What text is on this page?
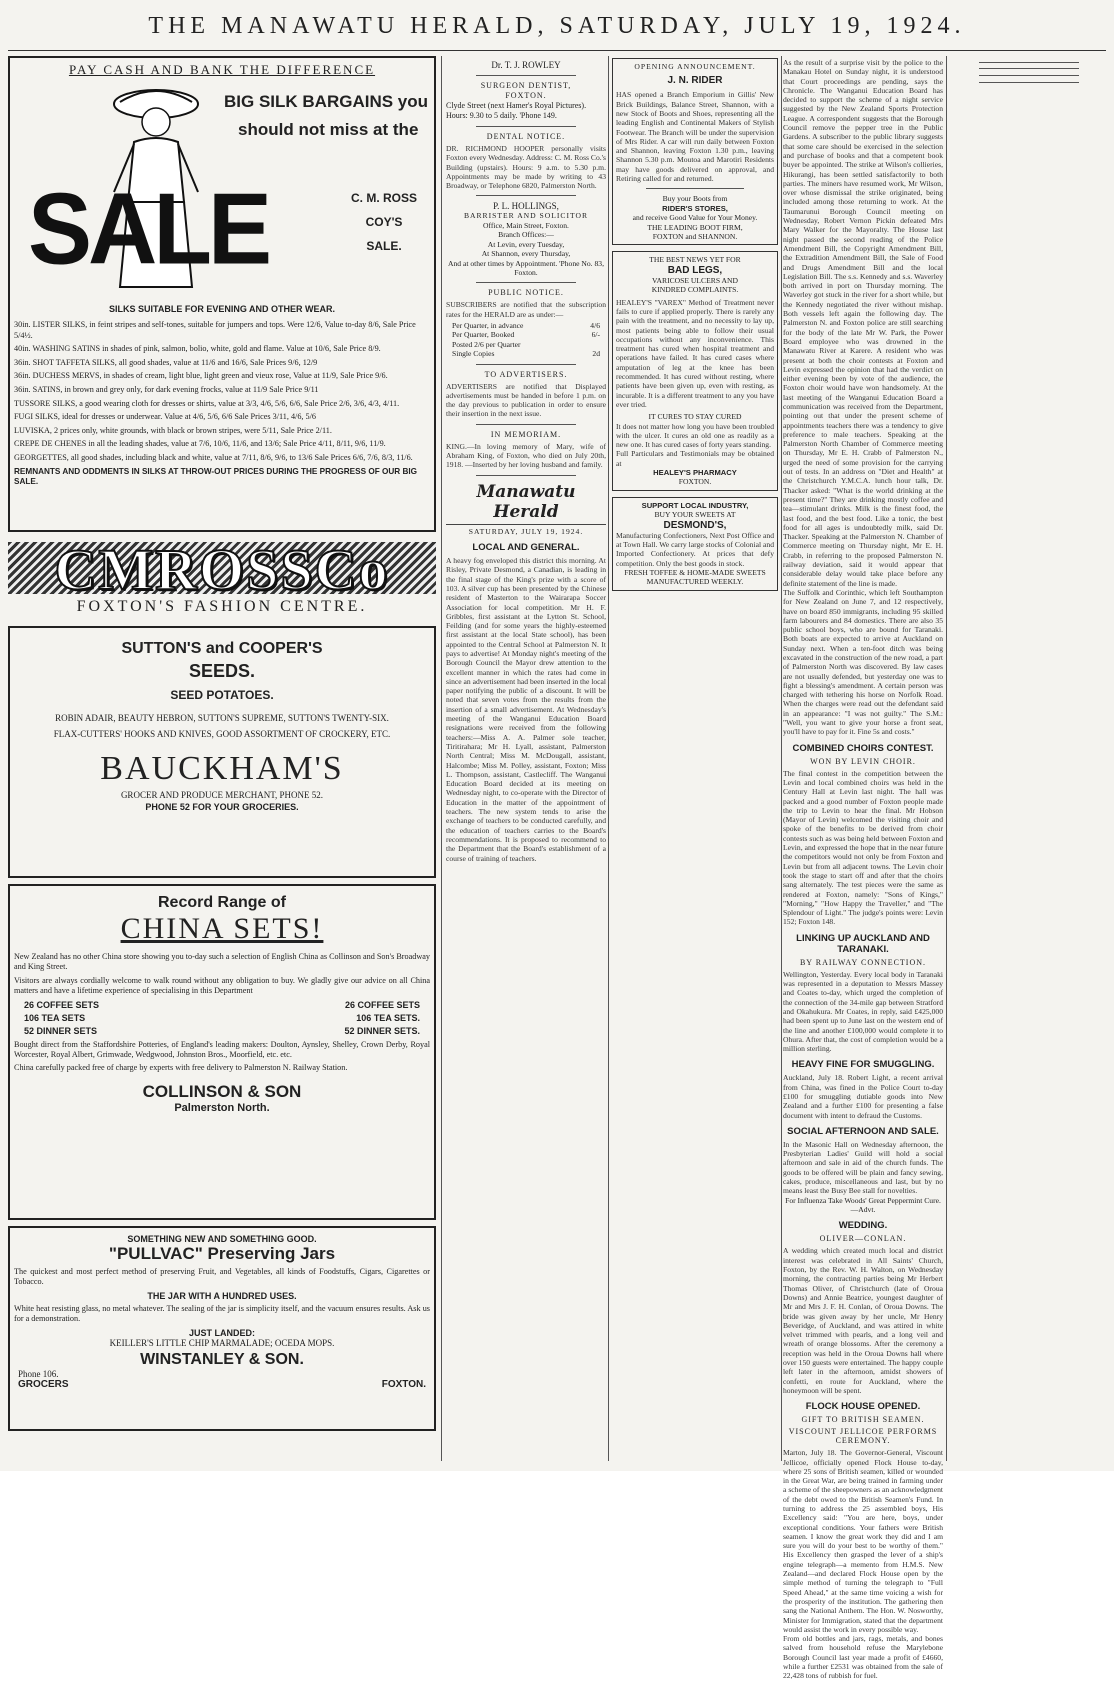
THE MANAWATU HERALD, SATURDAY, JULY 19, 1924.
PAY CASH AND BANK THE DIFFERENCE
BIG SILK BARGAINS you
should not miss at the
SALE	C. M. ROSS
COY'S
SALE.
SILKS SUITABLE FOR EVENING AND OTHER WEAR.

30in. LISTER SILKS, in feint stripes and self-tones, suitable for jumpers and tops. Were 12/6, Value to-day 8/6, Sale Price 5/4½.

40in. WASHING SATINS in shades of pink, salmon, bolio, white, gold and flame. Value at 10/6, Sale Price 8/9.

36in. SHOT TAFFETA SILKS, all good shades, value at 11/6 and 16/6, Sale Prices 9/6, 12/9

36in. DUCHESS MERVS, in shades of cream, light blue, light green and vieux rose, Value at 11/9, Sale Price 9/6.

36in. SATINS, in brown and grey only, for dark evening frocks, value at 11/9 Sale Price 9/11

TUSSORE SILKS, a good wearing cloth for dresses or shirts, value at 3/3, 4/6, 5/6, 6/6, Sale Price 2/6, 3/6, 4/3, 4/11.

FUGI SILKS, ideal for dresses or underwear. Value at 4/6, 5/6, 6/6 Sale Prices 3/11, 4/6, 5/6

LUVISKA, 2 prices only, white grounds, with black or brown stripes, were 5/11, Sale Price 2/11.

CREPE DE CHENES in all the leading shades, value at 7/6, 10/6, 11/6, and 13/6; Sale Price 4/11, 8/11, 9/6, 11/9.

GEORGETTES, all good shades, including black and white, value at 7/11, 8/6, 9/6, to 13/6 Sale Prices 6/6, 7/6, 8/3, 11/6.

REMNANTS AND ODDMENTS IN SILKS AT THROW-OUT PRICES DURING THE PROGRESS OF OUR BIG SALE.

CMROSSCo
FOXTON'S FASHION CENTRE.
SUTTON'S and COOPER'S
SEEDS.
SEED POTATOES.
ROBIN ADAIR, BEAUTY HEBRON, SUTTON'S SUPREME, SUTTON'S TWENTY-SIX.
FLAX-CUTTERS' HOOKS AND KNIVES, GOOD ASSORTMENT OF CROCKERY, ETC.
BAUCKHAM'S
GROCER AND PRODUCE MERCHANT, PHONE 52.
PHONE 52 FOR YOUR GROCERIES.
Record Range of
CHINA SETS!
New Zealand has no other China store showing you to-day such a selection of English China as Collinson and Son's Broadway and King Street.
Visitors are always cordially welcome to walk round without any obligation to buy. We gladly give our advice on all China matters and have a lifetime experience of specialising in this Department
26 COFFEE SETS	26 COFFEE SETS
106 TEA SETS	106 TEA SETS.
52 DINNER SETS	52 DINNER SETS.
Bought direct from the Staffordshire Potteries, of England's leading makers: Doulton, Aynsley, Shelley, Crown Derby, Royal Worcester, Royal Albert, Grimwade, Wedgwood, Johnston Bros., Moorfield, etc. etc.
China carefully packed free of charge by experts with free delivery to Palmerston N. Railway Station.
COLLINSON & SON
Palmerston North.
SOMETHING NEW AND SOMETHING GOOD.
"PULLVAC" Preserving Jars
The quickest and most perfect method of preserving Fruit, and Vegetables, all kinds of Foodstuffs, Cigars, Cigarettes or Tobacco.
THE JAR WITH A HUNDRED USES.
White heat resisting glass, no metal whatever. The sealing of the jar is simplicity itself, and the vacuum ensures results. Ask us for a demonstration.
JUST LANDED:
KEILLER'S LITTLE CHIP MARMALADE; OCEDA MOPS.
WINSTANLEY & SON.
Phone 106.
GROCERS	FOXTON.
Dr. T. J. ROWLEY
SURGEON DENTIST,
FOXTON.
Clyde Street (next Hamer's Royal Pictures).
Hours: 9.30 to 5 daily. 'Phone 149.
DENTAL NOTICE.
DR. RICHMOND HOOPER personally visits Foxton every Wednesday. Address: C. M. Ross Co.'s Building (upstairs). Hours: 9 a.m. to 5.30 p.m. Appointments may be made by writing to 43 Broadway, or Telephone 6820, Palmerston North.
P. L. HOLLINGS,
BARRISTER AND SOLICITOR
Office, Main Street, Foxton.
Branch Offices:—
At Levin, every Tuesday,
At Shannon, every Thursday,
And at other times by Appointment. 'Phone No. 83, Foxton.
PUBLIC NOTICE.
SUBSCRIBERS are notified that the subscription rates for the HERALD are as under:—
Per Quarter, in advance	4/6
Per Quarter, Booked	6/-
Posted 2/6 per Quarter
Single Copies	2d
TO ADVERTISERS.
ADVERTISERS are notified that Displayed advertisements must be handed in before 1 p.m. on the day previous to publication in order to ensure their insertion in the next issue.
IN MEMORIAM.
KING.—In loving memory of Mary, wife of Abraham King, of Foxton, who died on July 20th, 1918. —Inserted by her loving husband and family.
Manawatu Herald
SATURDAY, JULY 19, 1924.
LOCAL AND GENERAL.
A heavy fog enveloped this district this morning. At Risley, Private Desmond, a Canadian, is leading in the final stage of the King's prize with a score of 103. A silver cup has been presented by the Chinese resident of Masterton to the Wairarapa Soccer Association for local competition. Mr H. F. Gribbles, first assistant at the Lytton St. School, Feilding (and for some years the highly-esteemed first assistant at the local State school), has been appointed to the Central School at Palmerston N. It pays to advertise! At Monday night's meeting of the Borough Council the Mayor drew attention to the excellent manner in which the rates had come in since an advertisement had been inserted in the local paper notifying the public of a discount. It will be noted that seven votes from the results from the insertion of a small advertisement. At Wednesday's meeting of the Wanganui Education Board resignations were received from the following teachers:—Miss A. A. Palmer sole teacher, Tiritirahara; Mr H. Lyall, assistant, Palmerston North Central; Miss M. McDougall, assistant, Halcombe; Miss M. Polley, assistant, Foxton; Miss L. Thompson, assistant, Castlecliff. The Wanganui Education Board decided at its meeting on Wednesday night, to co-operate with the Director of Education in the matter of the appointment of teachers. The new system tends to arise the exchange of teachers to be conducted carefully, and the education of teachers carries to the Board's recommendations. It is proposed to recommend to the Department that the Board's establishment of a course of training of teachers.
OPENING ANNOUNCEMENT.
J. N. RIDER
HAS opened a Branch Emporium in Gillis' New Brick Buildings, Balance Street, Shannon, with a new Stock of Boots and Shoes, representing all the leading English and Continental Makers of Stylish Footwear. The Branch will be under the supervision of Mrs Rider. A car will run daily between Foxton and Shannon, leaving Foxton 1.30 p.m., leaving Shannon 5.30 p.m. Moutoa and Marotiri Residents may have goods delivered on approval, and Retiring called for and returned.
Buy your Boots from
RIDER'S STORES,
and receive Good Value for Your Money.
THE LEADING BOOT FIRM,
FOXTON and SHANNON.
THE BEST NEWS YET FOR
BAD LEGS,
VARICOSE ULCERS AND
KINDRED COMPLAINTS.
HEALEY'S "VAREX" Method of Treatment never fails to cure if applied properly. There is rarely any pain with the treatment, and no necessity to lay up, most patients being able to follow their usual occupations without any inconvenience. This treatment has cured when hospital treatment and operations have failed. It has cured cases where amputation of leg at the knee has been recommended. It has cured without resting, where patients have been given up, even with resting, as incurable. It is a different treatment to any you have ever tried.
IT CURES TO STAY CURED
It does not matter how long you have been troubled with the ulcer. It cures an old one as readily as a new one. It has cured cases of forty years standing.
Full Particulars and Testimonials may be obtained at
HEALEY'S PHARMACY
FOXTON.
SUPPORT LOCAL INDUSTRY,
BUY YOUR SWEETS AT
DESMOND'S,
Manufacturing Confectioners, Next Post Office and at Town Hall. We carry large stocks of Colonial and Imported Confectionery. At prices that defy competition. Only the best goods in stock.
FRESH TOFFEE & HOME-MADE SWEETS MANUFACTURED WEEKLY.
As the result of a surprise visit by the police to the Manakau Hotel on Sunday night, it is understood that Court proceedings are pending, says the Chronicle. The Wanganui Education Board has decided to support the scheme of a night service suggested by the New Zealand Sports Protection League. A correspondent suggests that the Borough Council remove the pepper tree in the Public Gardens. A subscriber to the public library suggests that some care should be exercised in the selection and purchase of books and that a competent book buyer be appointed. The strike at Wilson's collieries, Hikurangi, has been settled satisfactorily to both parties. The miners have resumed work, Mr Wilson, over whose dismissal the strike originated, being included among those returning to work. At the Taumarunui Borough Council meeting on Wednesday, Robert Vernon Pickin defeated Mrs Mary Walker for the Mayoralty. The House last night passed the second reading of the Police Amendment Bill, the Copyright Amendment Bill, the Extradition Amendment Bill, the Sale of Food and Drugs Amendment Bill and the local Legislation Bill. The s.s. Kennedy and s.s. Waverley both arrived in port on Thursday morning. The Waverley got stuck in the river for a short while, but the Kennedy negotiated the river without mishap. Both vessels left again the following day. The Palmerston N. and Foxton police are still searching for the body of the late Mr W. Park, the Power Board employee who was drowned in the Manawatu River at Karere. A resident who was present at both the choir contests at Foxton and Levin expressed the opinion that had the verdict on either evening been by vote of the audience, the Foxton choir would have won handsomely. At the last meeting of the Wanganui Education Board a communication was received from the Department, pointing out that under the present scheme of appointments teachers there was a tendency to give preference to male teachers. Speaking at the Palmerston North Chamber of Commerce meeting on Thursday, Mr E. H. Crabb of Palmerston N., urged the need of some provision for the carrying out of tests. In an address on "Diet and Health" at the Christchurch Y.M.C.A. lunch hour talk, Dr. Thacker asked: "What is the world drinking at the present time?" They are drinking mostly coffee and tea—stimulant drinks. Milk is the finest food, the last food, and the best food. Like a tonic, the best food for all ages is undoubtedly milk, said Dr. Thacker. Speaking at the Palmerston N. Chamber of Commerce meeting on Thursday night, Mr E. H. Crabb, in referring to the proposed Palmerston N. railway deviation, said it would appear that considerable delay would take place before any definite statement of the line is made.
The Suffolk and Corinthic, which left Southampton for New Zealand on June 7, and 12 respectively, have on board 850 immigrants, including 95 skilled farm labourers and 84 domestics. There are also 35 public school boys, who are bound for Taranaki. Both boats are expected to arrive at Auckland on Sunday next. When a ten-foot ditch was being excavated in the construction of the new road, a part of Palmerston North was discovered. By law cases are not usually defended, but yesterday one was to fight a blessing's amendment. A certain person was charged with tethering his horse on Norfolk Road. When the charges were read out the defendant said in an appearance: "I was not guilty." The S.M.: "Well, you want to give your horse a front seat, you'll have to pay for it. Fine 5s and costs."
COMBINED CHOIRS CONTEST.
WON BY LEVIN CHOIR.
The final contest in the competition between the Levin and local combined choirs was held in the Century Hall at Levin last night. The hall was packed and a good number of Foxton people made the trip to Levin to hear the final. Mr Hobson (Mayor of Levin) welcomed the visiting choir and spoke of the benefits to be derived from choir contests such as was being held between Foxton and Levin, and expressed the hope that in the near future the competitors would not only be from Foxton and Levin but from all adjacent towns. The Levin choir took the stage to start off and after that the choirs sang alternately. The test pieces were the same as rendered at Foxton, namely: "Sons of Kings," "Morning," "How Happy the Traveller," and "The Splendour of Light." The judge's points were: Levin 152; Foxton 148.
LINKING UP AUCKLAND AND TARANAKI.
BY RAILWAY CONNECTION.
Wellington, Yesterday. Every local body in Taranaki was represented in a deputation to Messrs Massey and Coates to-day, which urged the completion of the connection of the 34-mile gap between Stratford and Okahukura. Mr Coates, in reply, said £425,000 had been spent up to June last on the western end of the line and another £100,000 would complete it to Ohura. After that, the cost of completion would be a million sterling.
HEAVY FINE FOR SMUGGLING.
Auckland, July 18. Robert Light, a recent arrival from China, was fined in the Police Court to-day £100 for smuggling dutiable goods into New Zealand and a further £100 for presenting a false document with intent to defraud the Customs.
SOCIAL AFTERNOON AND SALE.
In the Masonic Hall on Wednesday afternoon, the Presbyterian Ladies' Guild will hold a social afternoon and sale in aid of the church funds. The goods to be offered will be plain and fancy sewing, cakes, produce, miscellaneous and last, but by no means least the Busy Bee stall for novelties.
For Influenza Take Woods' Great Peppermint Cure.—Advt.
WEDDING.
OLIVER—CONLAN.
A wedding which created much local and district interest was celebrated in All Saints' Church, Foxton, by the Rev. W. H. Walton, on Wednesday morning, the contracting parties being Mr Herbert Thomas Oliver, of Christchurch (late of Oroua Downs) and Annie Beatrice, youngest daughter of Mr and Mrs J. F. H. Conlan, of Oroua Downs. The bride was given away by her uncle, Mr Henry Beveridge, of Auckland, and was attired in white velvet trimmed with pearls, and a long veil and wreath of orange blossoms. After the ceremony a reception was held in the Oroua Downs hall where over 150 guests were entertained. The happy couple left later in the afternoon, amidst showers of confetti, en route for Auckland, where the honeymoon will be spent.
FLOCK HOUSE OPENED.
GIFT TO BRITISH SEAMEN.
VISCOUNT JELLICOE PERFORMS CEREMONY.
Marton, July 18. The Governor-General, Viscount Jellicoe, officially opened Flock House to-day, where 25 sons of British seamen, killed or wounded in the Great War, are being trained in farming under a scheme of the sheepowners as an acknowledgment of the debt owed to the British Seamen's Fund. In turning to address the 25 assembled boys, His Excellency said: "You are here, boys, under exceptional conditions. Your fathers were British seamen. I know the great work they did and I am sure you will do your best to be worthy of them." His Excellency then grasped the lever of a ship's engine telegraph—a memento from H.M.S. New Zealand—and declared Flock House open by the simple method of turning the telegraph to "Full Speed Ahead," at the same time voicing a wish for the prosperity of the institution. The gathering then sang the National Anthem. The Hon. W. Nosworthy, Minister for Immigration, stated that the department would assist the work in every possible way.
From old bottles and jars, rags, metals, and bones salved from household refuse the Marylebone Borough Council last year made a profit of £4660, while a further £2531 was obtained from the sale of 22,428 tons of rubbish for fuel.
